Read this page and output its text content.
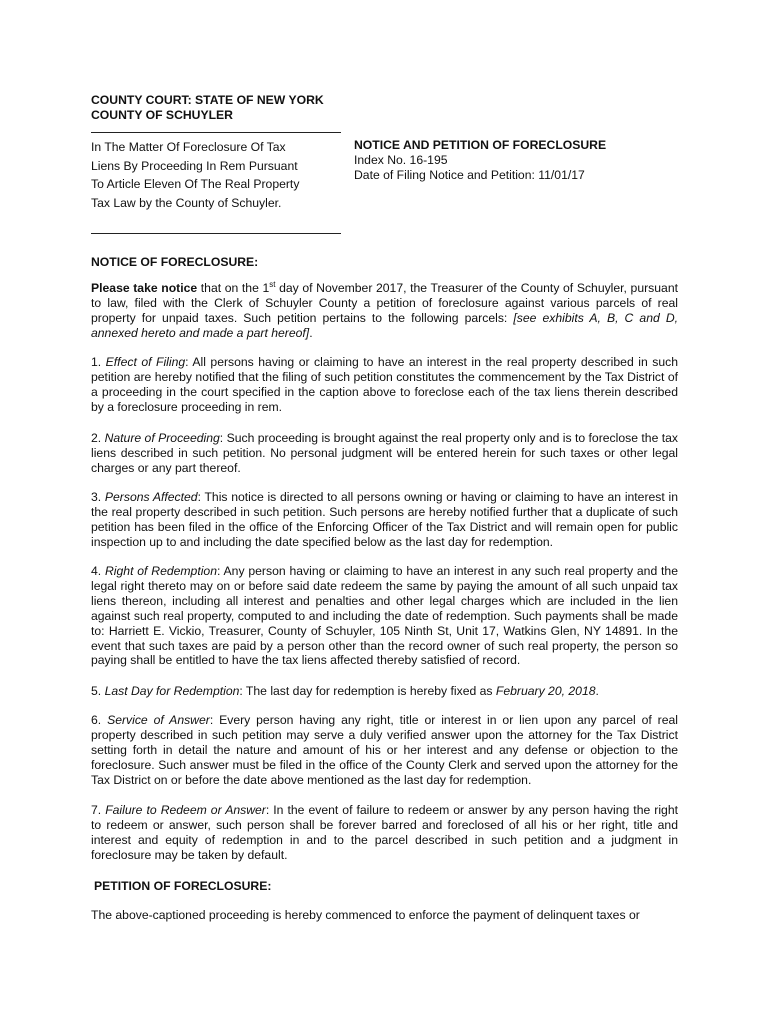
COUNTY COURT: STATE OF NEW YORK
COUNTY OF SCHUYLER
In The Matter Of Foreclosure Of Tax
Liens By Proceeding In Rem Pursuant
To Article Eleven Of The Real Property
Tax Law by the County of Schuyler.
NOTICE AND PETITION OF FORECLOSURE
Index No. 16-195
Date of Filing Notice and Petition: 11/01/17
NOTICE OF FORECLOSURE:

Please take notice that on the 1st day of November 2017, the Treasurer of the County of Schuyler, pursuant to law, filed with the Clerk of Schuyler County a petition of foreclosure against various parcels of real property for unpaid taxes. Such petition pertains to the following parcels: [see exhibits A, B, C and D, annexed hereto and made a part hereof].

1. Effect of Filing: All persons having or claiming to have an interest in the real property described in such petition are hereby notified that the filing of such petition constitutes the commencement by the Tax District of a proceeding in the court specified in the caption above to foreclose each of the tax liens therein described by a foreclosure proceeding in rem.

2. Nature of Proceeding: Such proceeding is brought against the real property only and is to foreclose the tax liens described in such petition. No personal judgment will be entered herein for such taxes or other legal charges or any part thereof.

3. Persons Affected: This notice is directed to all persons owning or having or claiming to have an interest in the real property described in such petition. Such persons are hereby notified further that a duplicate of such petition has been filed in the office of the Enforcing Officer of the Tax District and will remain open for public inspection up to and including the date specified below as the last day for redemption.

4. Right of Redemption: Any person having or claiming to have an interest in any such real property and the legal right thereto may on or before said date redeem the same by paying the amount of all such unpaid tax liens thereon, including all interest and penalties and other legal charges which are included in the lien against such real property, computed to and including the date of redemption. Such payments shall be made to: Harriett E. Vickio, Treasurer, County of Schuyler, 105 Ninth St, Unit 17, Watkins Glen, NY 14891. In the event that such taxes are paid by a person other than the record owner of such real property, the person so paying shall be entitled to have the tax liens affected thereby satisfied of record.

5. Last Day for Redemption: The last day for redemption is hereby fixed as February 20, 2018.

6. Service of Answer: Every person having any right, title or interest in or lien upon any parcel of real property described in such petition may serve a duly verified answer upon the attorney for the Tax District setting forth in detail the nature and amount of his or her interest and any defense or objection to the foreclosure. Such answer must be filed in the office of the County Clerk and served upon the attorney for the Tax District on or before the date above mentioned as the last day for redemption.

7. Failure to Redeem or Answer: In the event of failure to redeem or answer by any person having the right to redeem or answer, such person shall be forever barred and foreclosed of all his or her right, title and interest and equity of redemption in and to the parcel described in such petition and a judgment in foreclosure may be taken by default.

PETITION OF FORECLOSURE:

The above-captioned proceeding is hereby commenced to enforce the payment of delinquent taxes or
